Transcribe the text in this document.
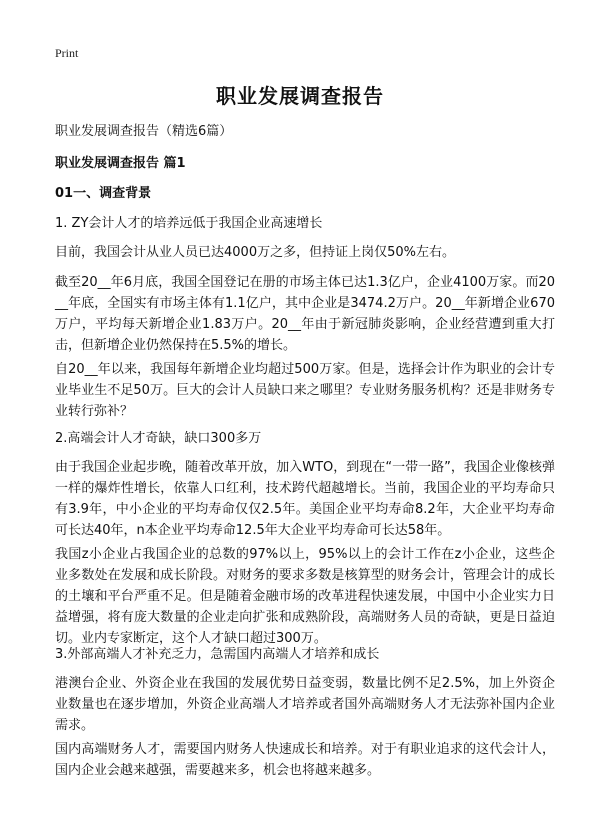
Print
职业发展调查报告
职业发展调查报告（精选6篇）
职业发展调查报告 篇1
01一、调查背景
1. ZY会计人才的培养远低于我国企业高速增长

目前，我国会计从业人员已达4000万之多，但持证上岗仅50%左右。

截至20__年6月底，我国全国登记在册的市场主体已达1.3亿户，企业4100万家。而20__年底，全国实有市场主体有1.1亿户，其中企业是3474.2万户。20__年新增企业670万户，平均每天新增企业1.83万户。20__年由于新冠肺炎影响，企业经营遭到重大打击，但新增企业仍然保持在5.5%的增长。

自20__年以来，我国每年新增企业均超过500万家。但是，选择会计作为职业的会计专业毕业生不足50万。巨大的会计人员缺口来之哪里？专业财务服务机构？还是非财务专业转行弥补？

2.高端会计人才奇缺，缺口300多万

由于我国企业起步晚，随着改革开放，加入WTO，到现在“一带一路”，我国企业像核弹一样的爆炸性增长，依靠人口红利，技术跨代超越增长。当前，我国企业的平均寿命只有3.9年，中小企业的平均寿命仅仅2.5年。美国企业平均寿命8.2年，大企业平均寿命可长达40年，n本企业平均寿命12.5年大企业平均寿命可长达58年。

我国z小企业占我国企业的总数的97%以上，95%以上的会计工作在z小企业，这些企业多数处在发展和成长阶段。对财务的要求多数是核算型的财务会计，管理会计的成长的土壤和平台严重不足。但是随着金融市场的改革进程快速发展，中国中小企业实力日益增强，将有庞大数量的企业走向扩张和成熟阶段，高端财务人员的奇缺，更是日益迫切。业内专家断定，这个人才缺口超过300万。

3.外部高端人才补充乏力，急需国内高端人才培养和成长

港澳台企业、外资企业在我国的发展优势日益变弱，数量比例不足2.5%，加上外资企业数量也在逐步增加，外资企业高端人才培养或者国外高端财务人才无法弥补国内企业需求。

国内高端财务人才，需要国内财务人快速成长和培养。对于有职业追求的这代会计人，国内企业会越来越强，需要越来多，机会也将越来越多。
